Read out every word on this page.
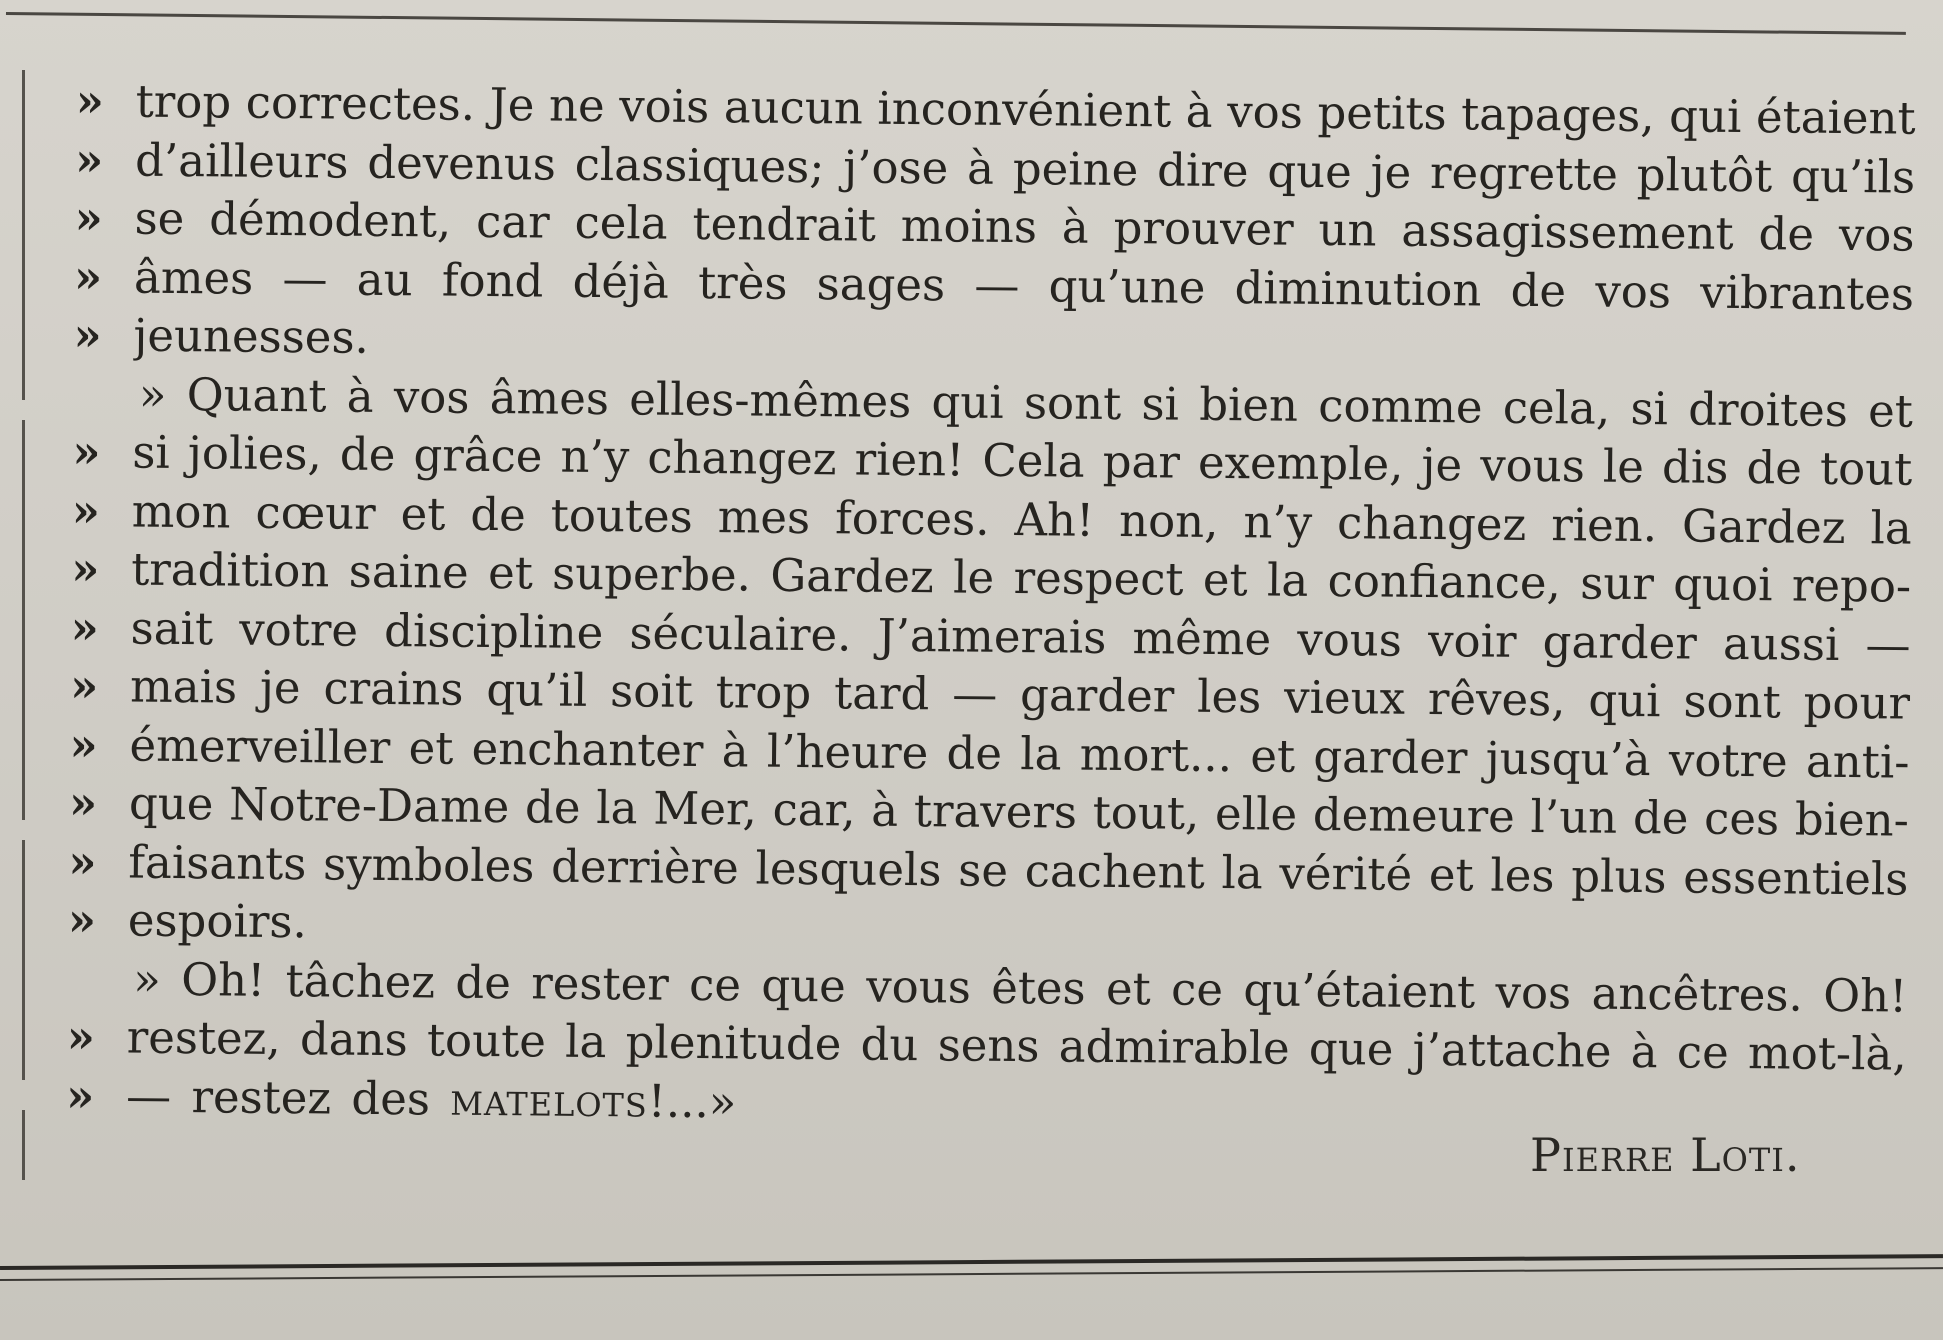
» trop correctes. Je ne vois aucun inconvénient à vos petits tapages, qui étaient
» d’ailleurs devenus classiques; j’ose à peine dire que je regrette plutôt qu’ils
» se démodent, car cela tendrait moins à prouver un assagissement de vos
» âmes — au fond déjà très sages — qu’une diminution de vos vibrantes
» jeunesses.
» Quant à vos âmes elles-mêmes qui sont si bien comme cela, si droites et
» si jolies, de grâce n’y changez rien! Cela par exemple, je vous le dis de tout
» mon cœur et de toutes mes forces. Ah! non, n’y changez rien. Gardez la
» tradition saine et superbe. Gardez le respect et la confiance, sur quoi repo-
» sait votre discipline séculaire. J’aimerais même vous voir garder aussi —
» mais je crains qu’il soit trop tard — garder les vieux rêves, qui sont pour
» émerveiller et enchanter à l’heure de la mort... et garder jusqu’à votre anti-
» que Notre-Dame de la Mer, car, à travers tout, elle demeure l’un de ces bien-
» faisants symboles derrière lesquels se cachent la vérité et les plus essentiels
» espoirs.
» Oh! tâchez de rester ce que vous êtes et ce qu’étaient vos ancêtres. Oh!
» restez, dans toute la plenitude du sens admirable que j’attache à ce mot-là,
» — restez des matelots!...»
Pierre Loti.
